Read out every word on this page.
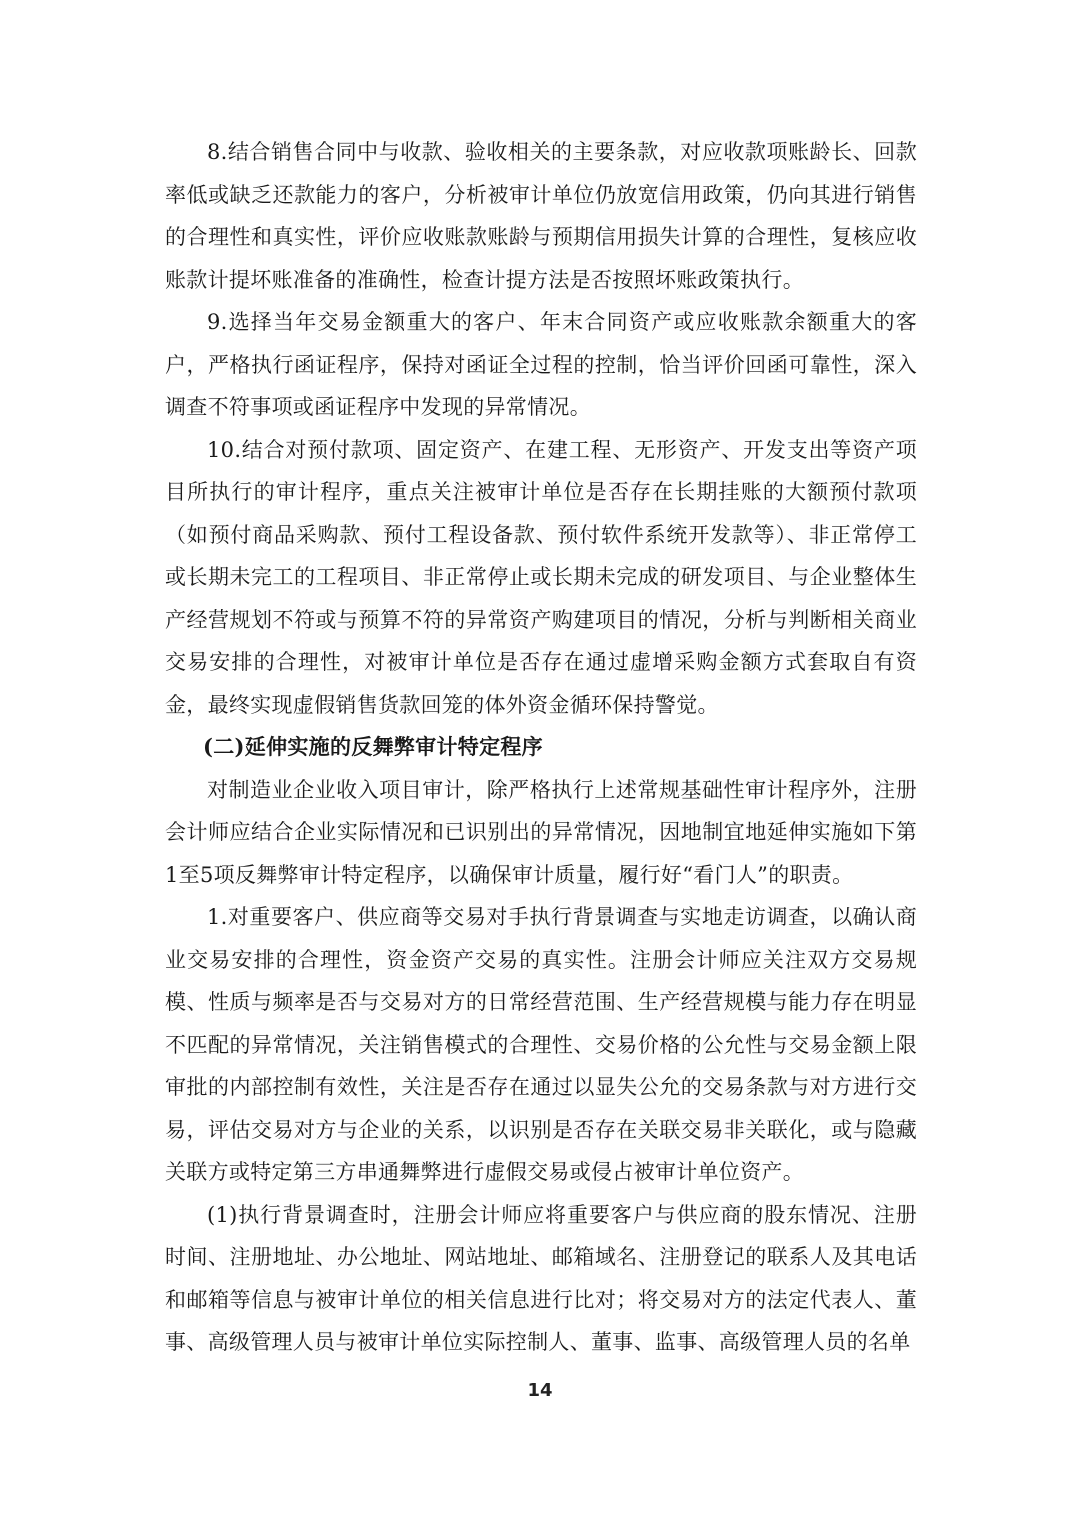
8.结合销售合同中与收款、验收相关的主要条款，对应收款项账龄长、回款率低或缺乏还款能力的客户，分析被审计单位仍放宽信用政策，仍向其进行销售的合理性和真实性，评价应收账款账龄与预期信用损失计算的合理性，复核应收账款计提坏账准备的准确性，检查计提方法是否按照坏账政策执行。

9.选择当年交易金额重大的客户、年末合同资产或应收账款余额重大的客户，严格执行函证程序，保持对函证全过程的控制，恰当评价回函可靠性，深入调查不符事项或函证程序中发现的异常情况。

10.结合对预付款项、固定资产、在建工程、无形资产、开发支出等资产项目所执行的审计程序，重点关注被审计单位是否存在长期挂账的大额预付款项（如预付商品采购款、预付工程设备款、预付软件系统开发款等）、非正常停工或长期未完工的工程项目、非正常停止或长期未完成的研发项目、与企业整体生产经营规划不符或与预算不符的异常资产购建项目的情况，分析与判断相关商业交易安排的合理性，对被审计单位是否存在通过虚增采购金额方式套取自有资金，最终实现虚假销售货款回笼的体外资金循环保持警觉。

(二)延伸实施的反舞弊审计特定程序

对制造业企业收入项目审计，除严格执行上述常规基础性审计程序外，注册会计师应结合企业实际情况和已识别出的异常情况，因地制宜地延伸实施如下第1至5项反舞弊审计特定程序，以确保审计质量，履行好“看门人”的职责。

1.对重要客户、供应商等交易对手执行背景调查与实地走访调查，以确认商业交易安排的合理性，资金资产交易的真实性。注册会计师应关注双方交易规模、性质与频率是否与交易对方的日常经营范围、生产经营规模与能力存在明显不匹配的异常情况，关注销售模式的合理性、交易价格的公允性与交易金额上限审批的内部控制有效性，关注是否存在通过以显失公允的交易条款与对方进行交易，评估交易对方与企业的关系，以识别是否存在关联交易非关联化，或与隐藏关联方或特定第三方串通舞弊进行虚假交易或侵占被审计单位资产。

(1)执行背景调查时，注册会计师应将重要客户与供应商的股东情况、注册时间、注册地址、办公地址、网站地址、邮箱域名、注册登记的联系人及其电话和邮箱等信息与被审计单位的相关信息进行比对；将交易对方的法定代表人、董事、高级管理人员与被审计单位实际控制人、董事、监事、高级管理人员的名单

14
